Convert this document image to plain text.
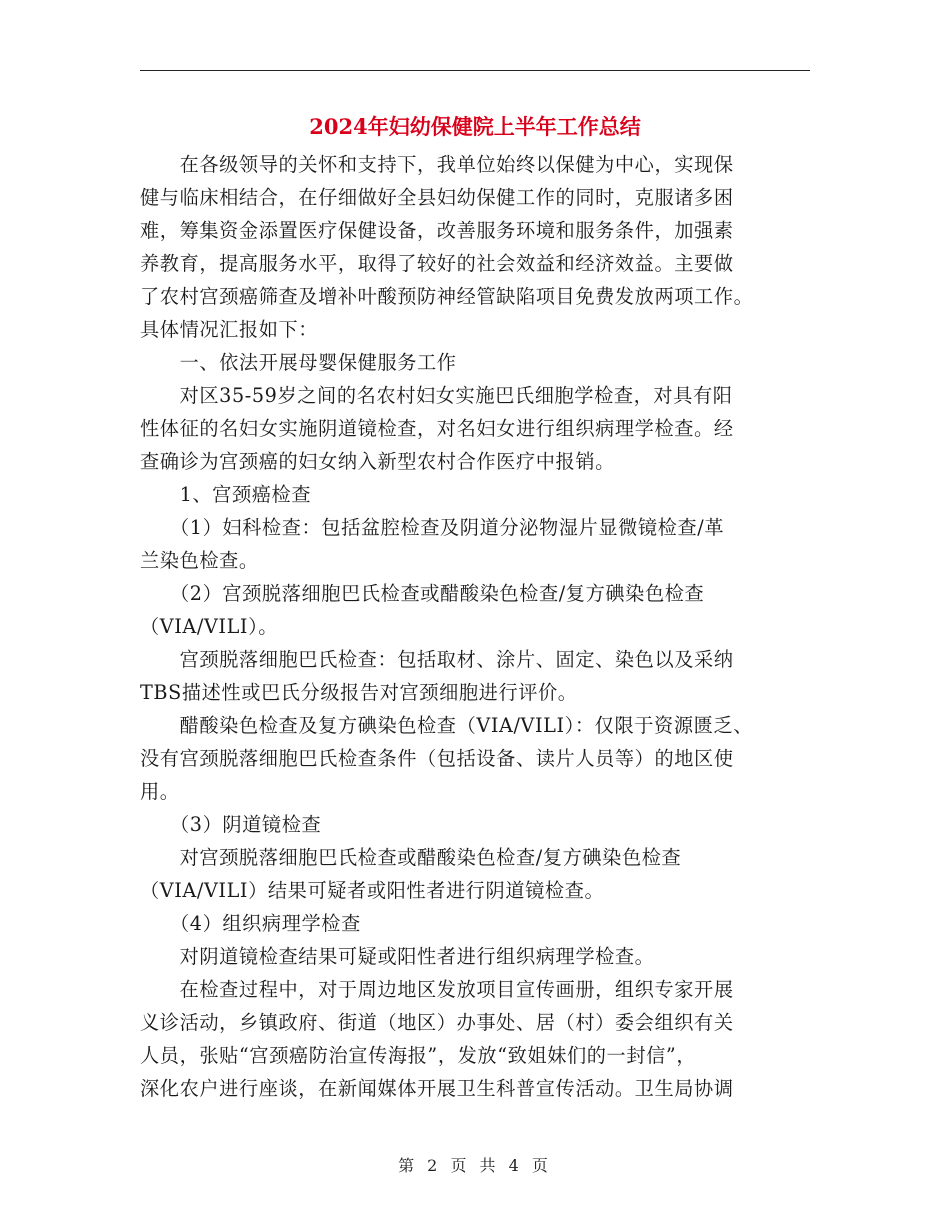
2024年妇幼保健院上半年工作总结
　　在各级领导的关怀和支持下，我单位始终以保健为中心，实现保
健与临床相结合，在仔细做好全县妇幼保健工作的同时，克服诸多困
难，筹集资金添置医疗保健设备，改善服务环境和服务条件，加强素
养教育，提高服务水平，取得了较好的社会效益和经济效益。主要做
了农村宫颈癌筛查及增补叶酸预防神经管缺陷项目免费发放两项工作。
具体情况汇报如下：
　　一、依法开展母婴保健服务工作
　　对区35-59岁之间的名农村妇女实施巴氏细胞学检查，对具有阳
性体征的名妇女实施阴道镜检查，对名妇女进行组织病理学检查。经
查确诊为宫颈癌的妇女纳入新型农村合作医疗中报销。
　　1、宫颈癌检查
　　（1）妇科检查：包括盆腔检查及阴道分泌物湿片显微镜检查/革
兰染色检查。
　　（2）宫颈脱落细胞巴氏检查或醋酸染色检查/复方碘染色检查
（VIA/VILI）。
　　宫颈脱落细胞巴氏检查：包括取材、涂片、固定、染色以及采纳
TBS描述性或巴氏分级报告对宫颈细胞进行评价。
　　醋酸染色检查及复方碘染色检查（VIA/VILI）：仅限于资源匮乏、
没有宫颈脱落细胞巴氏检查条件（包括设备、读片人员等）的地区使
用。
　　（3）阴道镜检查
　　对宫颈脱落细胞巴氏检查或醋酸染色检查/复方碘染色检查
（VIA/VILI）结果可疑者或阳性者进行阴道镜检查。
　　（4）组织病理学检查
　　对阴道镜检查结果可疑或阳性者进行组织病理学检查。
　　在检查过程中，对于周边地区发放项目宣传画册，组织专家开展
义诊活动，乡镇政府、街道（地区）办事处、居（村）委会组织有关
人员，张贴“宫颈癌防治宣传海报”，发放“致姐妹们的一封信”，
深化农户进行座谈，在新闻媒体开展卫生科普宣传活动。卫生局协调
第 2 页 共 4 页
